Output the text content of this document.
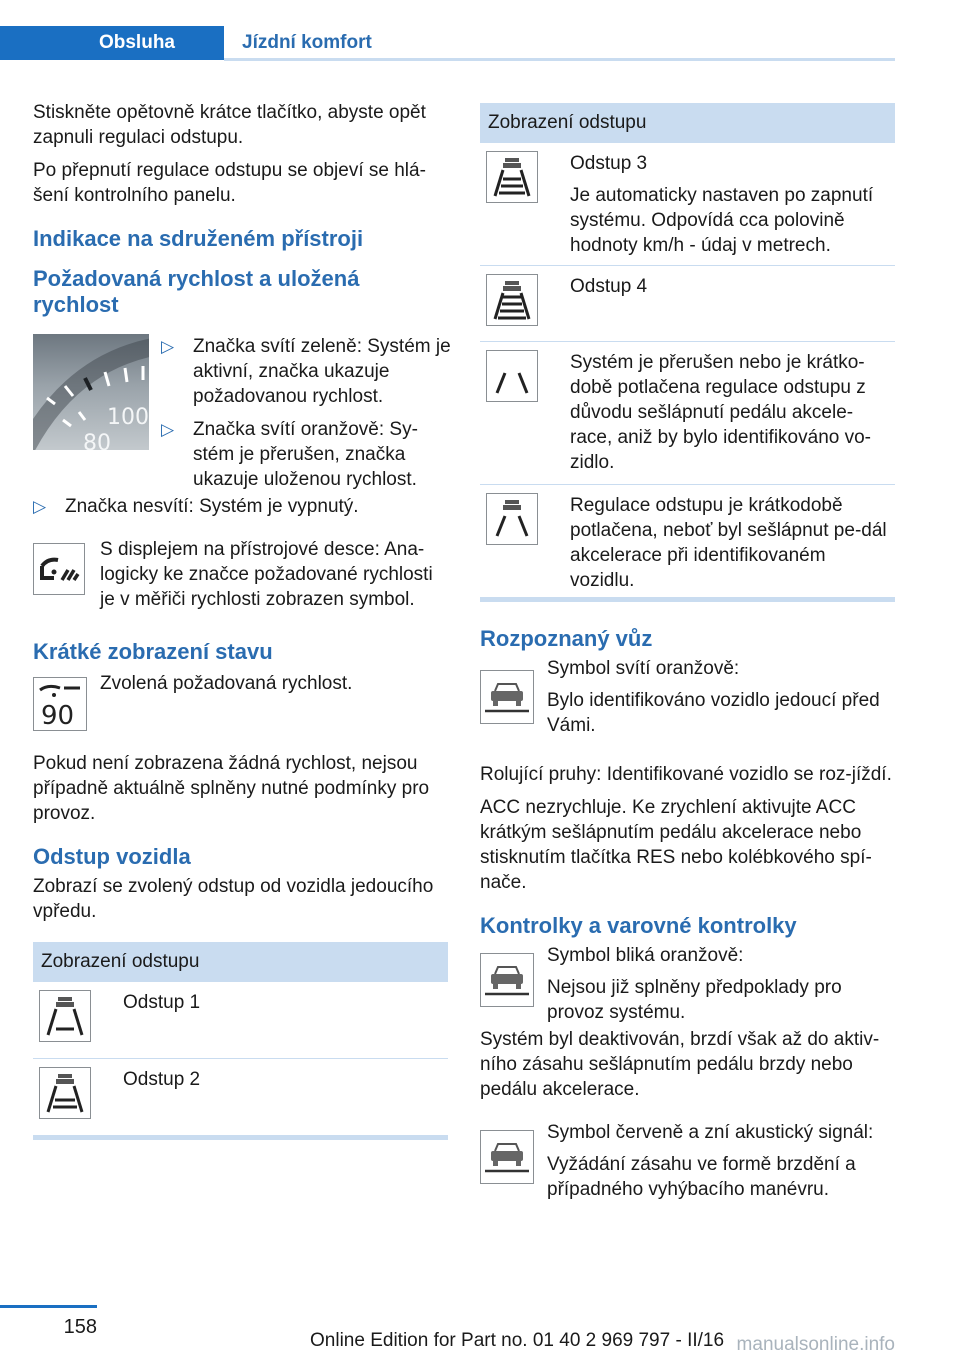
Obsluha	Jízdní komfort

Stiskněte opětovně krátce tlačítko, abyste opět zapnuli regulaci odstupu.

Po přepnutí regulace odstupu se objeví se hlá-šení kontrolního panelu.

Indikace na sdruženém přístroji
Požadovaná rychlost a uložená rychlost
100
80
▷ Značka svítí zeleně: Systém je aktivní, značka ukazuje požadovanou rychlost.

▷ Značka svítí oranžově: Sy-stém je přerušen, značka ukazuje uloženou rychlost.

▷ Značka nesvítí: Systém je vypnutý.

S displejem na přístrojové desce: Ana-logicky ke značce požadované rychlosti je v měřiči rychlosti zobrazen symbol.

Krátké zobrazení stavu
90

Zvolená požadovaná rychlost.

Pokud není zobrazena žádná rychlost, nejsou případně aktuálně splněny nutné podmínky pro provoz.

Odstup vozidla

Zobrazí se zvolený odstup od vozidla jedoucího vpředu.

Zobrazení odstupu

Odstup 1

Odstup 2

Zobrazení odstupu

Odstup 3

Je automaticky nastaven po zapnutí systému. Odpovídá cca polovině hodnoty km/h - údaj v metrech.

Odstup 4

Systém je přerušen nebo je krátko-době potlačena regulace odstupu z důvodu sešlápnutí pedálu akcele-race, aniž by bylo identifikováno vo-zidlo.

Regulace odstupu je krátkodobě potlačena, neboť byl sešlápnut pe-dál akcelerace při identifikovaném vozidlu.

Rozpoznaný vůz

Symbol svítí oranžově:

Bylo identifikováno vozidlo jedoucí před Vámi.

Rolující pruhy: Identifikované vozidlo se roz-jíždí.

ACC nezrychluje. Ke zrychlení aktivujte ACC krátkým sešlápnutím pedálu akcelerace nebo stisknutím tlačítka RES nebo kolébkového spí-nače.

Kontrolky a varovné kontrolky

Symbol bliká oranžově:

Nejsou již splněny předpoklady pro provoz systému.

Systém byl deaktivován, brzdí však až do aktiv-ního zásahu sešlápnutím pedálu brzdy nebo pedálu akcelerace.

Symbol červeně a zní akustický signál:

Vyžádání zásahu ve formě brzdění a případného vyhýbacího manévru.

158
Online Edition for Part no. 01 40 2 969 797 - II/16 manualsonline.info
